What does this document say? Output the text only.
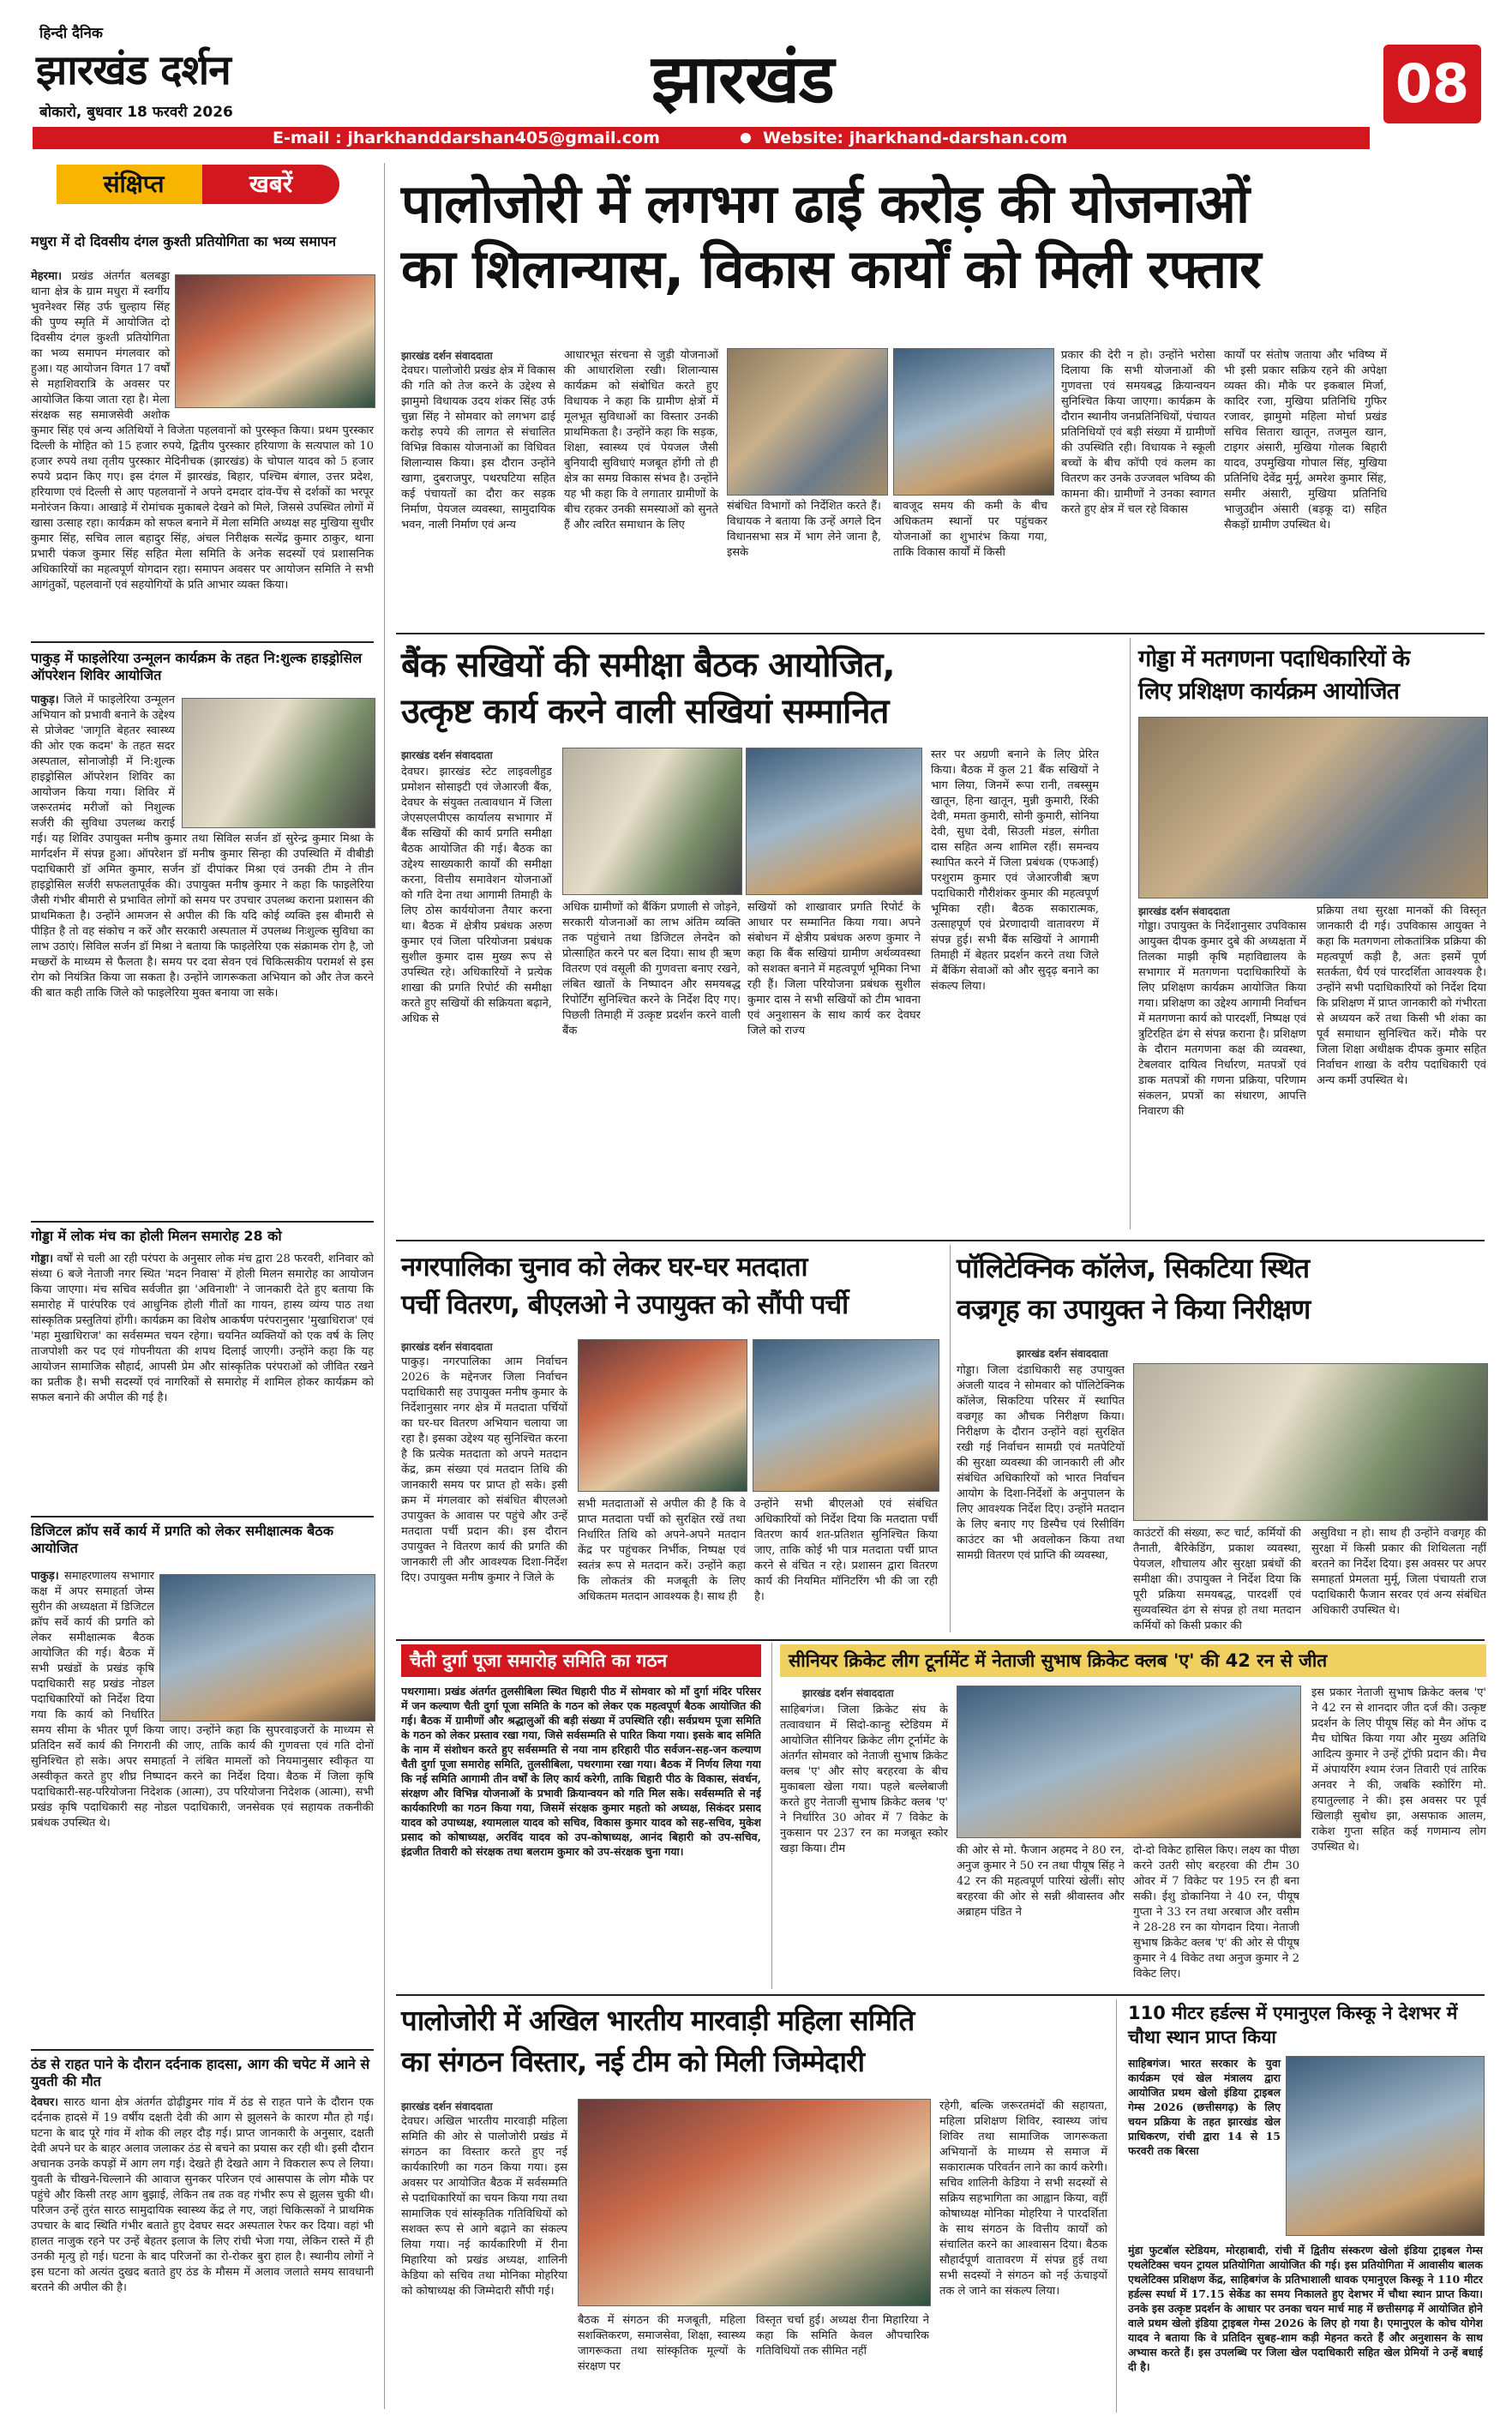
हिन्दी दैनिक
झारखंड दर्शन
बोकारो, बुधवार 18 फरवरी 2026	झारखंड	08
E-mail : jharkhanddarshan405@gmail.com	Website: jharkhand-darshan.com
संक्षिप्त	खबरें
मधुरा में दो दिवसीय दंगल कुश्ती प्रतियोगिता का भव्य समापन
मेहरमा। प्रखंड अंतर्गत बलबड्डा थाना क्षेत्र के ग्राम मधुरा में स्वर्गीय भुवनेश्वर सिंह उर्फ चुल्हाय सिंह की पुण्य स्मृति में आयोजित दो दिवसीय दंगल कुश्ती प्रतियोगिता का भव्य समापन मंगलवार को हुआ। यह आयोजन विगत 17 वर्षों से महाशिवरात्रि के अवसर पर आयोजित किया जाता रहा है। मेला संरक्षक सह समाजसेवी अशोक कुमार सिंह एवं अन्य अतिथियों ने विजेता पहलवानों को पुरस्कृत किया। प्रथम पुरस्कार दिल्ली के मोहित को 15 हजार रुपये, द्वितीय पुरस्कार हरियाणा के सत्यपाल को 10 हजार रुपये तथा तृतीय पुरस्कार मेदिनीचक (झारखंड) के चोपाल यादव को 5 हजार रुपये प्रदान किए गए। इस दंगल में झारखंड, बिहार, पश्चिम बंगाल, उत्तर प्रदेश, हरियाणा एवं दिल्ली से आए पहलवानों ने अपने दमदार दांव-पेंच से दर्शकों का भरपूर मनोरंजन किया। आखाड़े में रोमांचक मुकाबले देखने को मिले, जिससे उपस्थित लोगों में खासा उत्साह रहा। कार्यक्रम को सफल बनाने में मेला समिति अध्यक्ष सह मुखिया सुधीर कुमार सिंह, सचिव लाल बहादुर सिंह, अंचल निरीक्षक सत्येंद्र कुमार ठाकुर, थाना प्रभारी पंकज कुमार सिंह सहित मेला समिति के अनेक सदस्यों एवं प्रशासनिक अधिकारियों का महत्वपूर्ण योगदान रहा। समापन अवसर पर आयोजन समिति ने सभी आगंतुकों, पहलवानों एवं सहयोगियों के प्रति आभार व्यक्त किया।
पाकुड़ में फाइलेरिया उन्मूलन कार्यक्रम के तहत नि:शुल्क हाइड्रोसिल ऑपरेशन शिविर आयोजित
पाकुड़। जिले में फाइलेरिया उन्मूलन अभियान को प्रभावी बनाने के उद्देश्य से प्रोजेक्ट 'जागृति बेहतर स्वास्थ्य की ओर एक कदम' के तहत सदर अस्पताल, सोनाजोड़ी में नि:शुल्क हाइड्रोसिल ऑपरेशन शिविर का आयोजन किया गया। शिविर में जरूरतमंद मरीजों को निशुल्क सर्जरी की सुविधा उपलब्ध कराई गई। यह शिविर उपायुक्त मनीष कुमार तथा सिविल सर्जन डॉ सुरेन्द्र कुमार मिश्रा के मार्गदर्शन में संपन्न हुआ। ऑपरेशन डॉ मनीष कुमार सिन्हा की उपस्थिति में वीबीडी पदाधिकारी डॉ अमित कुमार, सर्जन डॉ दीपांकर मिश्रा एवं उनकी टीम ने तीन हाइड्रोसिल सर्जरी सफलतापूर्वक की। उपायुक्त मनीष कुमार ने कहा कि फाइलेरिया जैसी गंभीर बीमारी से प्रभावित लोगों को समय पर उपचार उपलब्ध कराना प्रशासन की प्राथमिकता है। उन्होंने आमजन से अपील की कि यदि कोई व्यक्ति इस बीमारी से पीड़ित है तो वह संकोच न करें और सरकारी अस्पताल में उपलब्ध निःशुल्क सुविधा का लाभ उठाएं। सिविल सर्जन डॉ मिश्रा ने बताया कि फाइलेरिया एक संक्रामक रोग है, जो मच्छरों के माध्यम से फैलता है। समय पर दवा सेवन एवं चिकित्सकीय परामर्श से इस रोग को नियंत्रित किया जा सकता है। उन्होंने जागरूकता अभियान को और तेज करने की बात कही ताकि जिले को फाइलेरिया मुक्त बनाया जा सके।
गोड्डा में लोक मंच का होली मिलन समारोह 28 को
गोड्डा। वर्षों से चली आ रही परंपरा के अनुसार लोक मंच द्वारा 28 फरवरी, शनिवार को संध्या 6 बजे नेताजी नगर स्थित 'मदन निवास' में होली मिलन समारोह का आयोजन किया जाएगा। मंच सचिव सर्वजीत झा 'अविनाशी' ने जानकारी देते हुए बताया कि समारोह में पारंपरिक एवं आधुनिक होली गीतों का गायन, हास्य व्यंग्य पाठ तथा सांस्कृतिक प्रस्तुतियां होंगी। कार्यक्रम का विशेष आकर्षण परंपरानुसार 'मुखाधिराज' एवं 'महा मुखाधिराज' का सर्वसम्मत चयन रहेगा। चयनित व्यक्तियों को एक वर्ष के लिए ताजपोशी कर पद एवं गोपनीयता की शपथ दिलाई जाएगी। उन्होंने कहा कि यह आयोजन सामाजिक सौहार्द, आपसी प्रेम और सांस्कृतिक परंपराओं को जीवित रखने का प्रतीक है। सभी सदस्यों एवं नागरिकों से समारोह में शामिल होकर कार्यक्रम को सफल बनाने की अपील की गई है।
डिजिटल क्रॉप सर्वे कार्य में प्रगति को लेकर समीक्षात्मक बैठक आयोजित
पाकुड़। समाहरणालय सभागार कक्ष में अपर समाहर्ता जेम्स सुरीन की अध्यक्षता में डिजिटल क्रॉप सर्वे कार्य की प्रगति को लेकर समीक्षात्मक बैठक आयोजित की गई। बैठक में सभी प्रखंडों के प्रखंड कृषि पदाधिकारी सह प्रखंड नोडल पदाधिकारियों को निर्देश दिया गया कि कार्य को निर्धारित समय सीमा के भीतर पूर्ण किया जाए। उन्होंने कहा कि सुपरवाइजरों के माध्यम से प्रतिदिन सर्वे कार्य की निगरानी की जाए, ताकि कार्य की गुणवत्ता एवं गति दोनों सुनिश्चित हो सके। अपर समाहर्ता ने लंबित मामलों को नियमानुसार स्वीकृत या अस्वीकृत करते हुए शीघ्र निष्पादन करने का निर्देश दिया। बैठक में जिला कृषि पदाधिकारी-सह-परियोजना निदेशक (आत्मा), उप परियोजना निदेशक (आत्मा), सभी प्रखंड कृषि पदाधिकारी सह नोडल पदाधिकारी, जनसेवक एवं सहायक तकनीकी प्रबंधक उपस्थित थे।
ठंड से राहत पाने के दौरान दर्दनाक हादसा, आग की चपेट में आने से युवती की मौत
देवघर। सारठ थाना क्षेत्र अंतर्गत ढोढ़ीडुमर गांव में ठंड से राहत पाने के दौरान एक दर्दनाक हादसे में 19 वर्षीय दक्षती देवी की आग से झुलसने के कारण मौत हो गई। घटना के बाद पूरे गांव में शोक की लहर दौड़ गई। प्राप्त जानकारी के अनुसार, दक्षती देवी अपने घर के बाहर अलाव जलाकर ठंड से बचने का प्रयास कर रही थी। इसी दौरान अचानक उनके कपड़ों में आग लग गई। देखते ही देखते आग ने विकराल रूप ले लिया। युवती के चीखने-चिल्लाने की आवाज सुनकर परिजन एवं आसपास के लोग मौके पर पहुंचे और किसी तरह आग बुझाई, लेकिन तब तक वह गंभीर रूप से झुलस चुकी थी। परिजन उन्हें तुरंत सारठ सामुदायिक स्वास्थ्य केंद्र ले गए, जहां चिकित्सकों ने प्राथमिक उपचार के बाद स्थिति गंभीर बताते हुए देवघर सदर अस्पताल रेफर कर दिया। वहां भी हालत नाजुक रहने पर उन्हें बेहतर इलाज के लिए रांची भेजा गया, लेकिन रास्ते में ही उनकी मृत्यु हो गई। घटना के बाद परिजनों का रो-रोकर बुरा हाल है। स्थानीय लोगों ने इस घटना को अत्यंत दुखद बताते हुए ठंड के मौसम में अलाव जलाते समय सावधानी बरतने की अपील की है।
पालोजोरी में लगभग ढाई करोड़ की योजनाओं
का शिलान्यास, विकास कार्यों को मिली रफ्तार
झारखंड दर्शन संवाददाता
देवघर। पालोजोरी प्रखंड क्षेत्र में विकास की गति को तेज करने के उद्देश्य से झामुमो विधायक उदय शंकर सिंह उर्फ चुन्ना सिंह ने सोमवार को लगभग ढाई करोड़ रुपये की लागत से संचालित विभिन्न विकास योजनाओं का विधिवत शिलान्यास किया। इस दौरान उन्होंने खागा, दुबराजपुर, पथरघटिया सहित कई पंचायतों का दौरा कर सड़क निर्माण, पेयजल व्यवस्था, सामुदायिक भवन, नाली निर्माण एवं अन्य
आधारभूत संरचना से जुड़ी योजनाओं की आधारशिला रखी। शिलान्यास कार्यक्रम को संबोधित करते हुए विधायक ने कहा कि ग्रामीण क्षेत्रों में मूलभूत सुविधाओं का विस्तार उनकी प्राथमिकता है। उन्होंने कहा कि सड़क, शिक्षा, स्वास्थ्य एवं पेयजल जैसी बुनियादी सुविधाएं मजबूत होंगी तो ही क्षेत्र का समग्र विकास संभव है। उन्होंने यह भी कहा कि वे लगातार ग्रामीणों के बीच रहकर उनकी समस्याओं को सुनते हैं और त्वरित समाधान के लिए
संबंधित विभागों को निर्देशित करते हैं। विधायक ने बताया कि उन्हें अगले दिन विधानसभा सत्र में भाग लेने जाना है, इसके
बावजूद समय की कमी के बीच अधिकतम स्थानों पर पहुंचकर योजनाओं का शुभारंभ किया गया, ताकि विकास कार्यों में किसी
प्रकार की देरी न हो। उन्होंने भरोसा दिलाया कि सभी योजनाओं की गुणवत्ता एवं समयबद्ध क्रियान्वयन सुनिश्चित किया जाएगा। कार्यक्रम के दौरान स्थानीय जनप्रतिनिधियों, पंचायत प्रतिनिधियों एवं बड़ी संख्या में ग्रामीणों की उपस्थिति रही। विधायक ने स्कूली बच्चों के बीच कॉपी एवं कलम का वितरण कर उनके उज्जवल भविष्य की कामना की। ग्रामीणों ने उनका स्वागत करते हुए क्षेत्र में चल रहे विकास
कार्यों पर संतोष जताया और भविष्य में भी इसी प्रकार सक्रिय रहने की अपेक्षा व्यक्त की। मौके पर इकबाल मिर्जा, कादिर रजा, मुखिया प्रतिनिधि गुफिर रजावर, झामुमो महिला मोर्चा प्रखंड सचिव सितारा खातून, तजमुल खान, टाइगर अंसारी, मुखिया गोलक बिहारी यादव, उपमुखिया गोपाल सिंह, मुखिया प्रतिनिधि देवेंद्र मुर्मू, अमरेश कुमार सिंह, समीर अंसारी, मुखिया प्रतिनिधि भाजुउद्दीन अंसारी (बड़कू दा) सहित सैकड़ों ग्रामीण उपस्थित थे।
बैंक सखियों की समीक्षा बैठक आयोजित,
उत्कृष्ट कार्य करने वाली सखियां सम्मानित
झारखंड दर्शन संवाददाता
देवघर। झारखंड स्टेट लाइवलीहुड प्रमोशन सोसाइटी एवं जेआरजी बैंक, देवघर के संयुक्त तत्वावधान में जिला जेएसएलपीएस कार्यालय सभागार में बैंक सखियों की कार्य प्रगति समीक्षा बैठक आयोजित की गई। बैठक का उद्देश्य साख्यकारी कार्यों की समीक्षा करना, वित्तीय समावेशन योजनाओं को गति देना तथा आगामी तिमाही के लिए ठोस कार्ययोजना तैयार करना था। बैठक में क्षेत्रीय प्रबंधक अरुण कुमार एवं जिला परियोजना प्रबंधक सुशील कुमार दास मुख्य रूप से उपस्थित रहे। अधिकारियों ने प्रत्येक शाखा की प्रगति रिपोर्ट की समीक्षा करते हुए सखियों की सक्रियता बढ़ाने, अधिक से
अधिक ग्रामीणों को बैंकिंग प्रणाली से जोड़ने, सरकारी योजनाओं का लाभ अंतिम व्यक्ति तक पहुंचाने तथा डिजिटल लेनदेन को प्रोत्साहित करने पर बल दिया। साथ ही ऋण वितरण एवं वसूली की गुणवत्ता बनाए रखने, लंबित खातों के निष्पादन और समयबद्ध रिपोर्टिंग सुनिश्चित करने के निर्देश दिए गए। पिछली तिमाही में उत्कृष्ट प्रदर्शन करने वाली बैंक
सखियों को शाखावार प्रगति रिपोर्ट के आधार पर सम्मानित किया गया। अपने संबोधन में क्षेत्रीय प्रबंधक अरुण कुमार ने कहा कि बैंक सखियां ग्रामीण अर्थव्यवस्था को सशक्त बनाने में महत्वपूर्ण भूमिका निभा रही हैं। जिला परियोजना प्रबंधक सुशील कुमार दास ने सभी सखियों को टीम भावना एवं अनुशासन के साथ कार्य कर देवघर जिले को राज्य
स्तर पर अग्रणी बनाने के लिए प्रेरित किया। बैठक में कुल 21 बैंक सखियों ने भाग लिया, जिनमें रूपा रानी, तबस्सुम खातून, हिना खातून, मुन्नी कुमारी, रिंकी देवी, ममता कुमारी, सोनी कुमारी, सोनिया देवी, सुधा देवी, सिउली मंडल, संगीता दास सहित अन्य शामिल रहीं। समन्वय स्थापित करने में जिला प्रबंधक (एफआई) परशुराम कुमार एवं जेआरजीबी ऋण पदाधिकारी गौरीशंकर कुमार की महत्वपूर्ण भूमिका रही। बैठक सकारात्मक, उत्साहपूर्ण एवं प्रेरणादायी वातावरण में संपन्न हुई। सभी बैंक सखियों ने आगामी तिमाही में बेहतर प्रदर्शन करने तथा जिले में बैंकिंग सेवाओं को और सुदृढ़ बनाने का संकल्प लिया।
गोड्डा में मतगणना पदाधिकारियों के
लिए प्रशिक्षण कार्यक्रम आयोजित
झारखंड दर्शन संवाददाता
गोड्डा। उपायुक्त के निर्देशानुसार उपविकास आयुक्त दीपक कुमार दुबे की अध्यक्षता में तिलका माझी कृषि महाविद्यालय के सभागार में मतगणना पदाधिकारियों के लिए प्रशिक्षण कार्यक्रम आयोजित किया गया। प्रशिक्षण का उद्देश्य आगामी निर्वाचन में मतगणना कार्य को पारदर्शी, निष्पक्ष एवं त्रुटिरहित ढंग से संपन्न कराना है। प्रशिक्षण के दौरान मतगणना कक्ष की व्यवस्था, टेबलवार दायित्व निर्धारण, मतपत्रों एवं डाक मतपत्रों की गणना प्रक्रिया, परिणाम संकलन, प्रपत्रों का संधारण, आपत्ति निवारण की
प्रक्रिया तथा सुरक्षा मानकों की विस्तृत जानकारी दी गई। उपविकास आयुक्त ने कहा कि मतगणना लोकतांत्रिक प्रक्रिया की महत्वपूर्ण कड़ी है, अतः इसमें पूर्ण सतर्कता, धैर्य एवं पारदर्शिता आवश्यक है। उन्होंने सभी पदाधिकारियों को निर्देश दिया कि प्रशिक्षण में प्राप्त जानकारी को गंभीरता से अध्ययन करें तथा किसी भी शंका का पूर्व समाधान सुनिश्चित करें। मौके पर जिला शिक्षा अधीक्षक दीपक कुमार सहित निर्वाचन शाखा के वरीय पदाधिकारी एवं अन्य कर्मी उपस्थित थे।
नगरपालिका चुनाव को लेकर घर-घर मतदाता
पर्ची वितरण, बीएलओ ने उपायुक्त को सौंपी पर्ची
झारखंड दर्शन संवाददाता
पाकुड़। नगरपालिका आम निर्वाचन 2026 के मद्देनजर जिला निर्वाचन पदाधिकारी सह उपायुक्त मनीष कुमार के निर्देशानुसार नगर क्षेत्र में मतदाता पर्चियों का घर-घर वितरण अभियान चलाया जा रहा है। इसका उद्देश्य यह सुनिश्चित करना है कि प्रत्येक मतदाता को अपने मतदान केंद्र, क्रम संख्या एवं मतदान तिथि की जानकारी समय पर प्राप्त हो सके। इसी क्रम में मंगलवार को संबंधित बीएलओ उपायुक्त के आवास पर पहुंचे और उन्हें मतदाता पर्ची प्रदान की। इस दौरान उपायुक्त ने वितरण कार्य की प्रगति की जानकारी ली और आवश्यक दिशा-निर्देश दिए। उपायुक्त मनीष कुमार ने जिले के
सभी मतदाताओं से अपील की है कि वे प्राप्त मतदाता पर्ची को सुरक्षित रखें तथा निर्धारित तिथि को अपने-अपने मतदान केंद्र पर पहुंचकर निर्भीक, निष्पक्ष एवं स्वतंत्र रूप से मतदान करें। उन्होंने कहा कि लोकतंत्र की मजबूती के लिए अधिकतम मतदान आवश्यक है। साथ ही
उन्होंने सभी बीएलओ एवं संबंधित अधिकारियों को निर्देश दिया कि मतदाता पर्ची वितरण कार्य शत-प्रतिशत सुनिश्चित किया जाए, ताकि कोई भी पात्र मतदाता पर्ची प्राप्त करने से वंचित न रहे। प्रशासन द्वारा वितरण कार्य की नियमित मॉनिटरिंग भी की जा रही है।
पॉलिटेक्निक कॉलेज, सिकटिया स्थित
वज्रगृह का उपायुक्त ने किया निरीक्षण
झारखंड दर्शन संवाददाता
गोड्डा। जिला दंडाधिकारी सह उपायुक्त अंजली यादव ने सोमवार को पॉलिटेक्निक कॉलेज, सिकटिया परिसर में स्थापित वज्रगृह का औचक निरीक्षण किया। निरीक्षण के दौरान उन्होंने वहां सुरक्षित रखी गई निर्वाचन सामग्री एवं मतपेटियों की सुरक्षा व्यवस्था की जानकारी ली और संबंधित अधिकारियों को भारत निर्वाचन आयोग के दिशा-निर्देशों के अनुपालन के लिए आवश्यक निर्देश दिए। उन्होंने मतदान के लिए बनाए गए डिस्पैच एवं रिसीविंग काउंटर का भी अवलोकन किया तथा सामग्री वितरण एवं प्राप्ति की व्यवस्था,
काउंटरों की संख्या, रूट चार्ट, कर्मियों की तैनाती, बैरिकेडिंग, प्रकाश व्यवस्था, पेयजल, शौचालय और सुरक्षा प्रबंधों की समीक्षा की। उपायुक्त ने निर्देश दिया कि पूरी प्रक्रिया समयबद्ध, पारदर्शी एवं सुव्यवस्थित ढंग से संपन्न हो तथा मतदान कर्मियों को किसी प्रकार की
असुविधा न हो। साथ ही उन्होंने वज्रगृह की सुरक्षा में किसी प्रकार की शिथिलता नहीं बरतने का निर्देश दिया। इस अवसर पर अपर समाहर्ता प्रेमलता मुर्मू, जिला पंचायती राज पदाधिकारी फैजान सरवर एवं अन्य संबंधित अधिकारी उपस्थित थे।
चैती दुर्गा पूजा समारोह समिति का गठन
पथरगामा। प्रखंड अंतर्गत तुलसीबिला स्थित धिहारी पीठ में सोमवार को माँ दुर्गा मंदिर परिसर में जन कल्याण चैती दुर्गा पूजा समिति के गठन को लेकर एक महत्वपूर्ण बैठक आयोजित की गई। बैठक में ग्रामीणों और श्रद्धालुओं की बड़ी संख्या में उपस्थिति रही। सर्वप्रथम पूजा समिति के गठन को लेकर प्रस्ताव रखा गया, जिसे सर्वसम्मति से पारित किया गया। इसके बाद समिति के नाम में संशोधन करते हुए सर्वसम्मति से नया नाम हरिहारी पीठ सर्वजन-सह-जन कल्याण चैती दुर्गा पूजा समारोह समिति, तुलसीबिला, पथरगामा रखा गया। बैठक में निर्णय लिया गया कि नई समिति आगामी तीन वर्षों के लिए कार्य करेगी, ताकि धिहारी पीठ के विकास, संवर्धन, संरक्षण और विभिन्न योजनाओं के प्रभावी क्रियान्वयन को गति मिल सके। सर्वसम्मति से नई कार्यकारिणी का गठन किया गया, जिसमें संरक्षक कुमार महतो को अध्यक्ष, सिकंदर प्रसाद यादव को उपाध्यक्ष, श्यामलाल यादव को सचिव, विकास कुमार यादव को सह-सचिव, मुकेश प्रसाद को कोषाध्यक्ष, अरविंद यादव को उप-कोषाध्यक्ष, आनंद बिहारी को उप-सचिव, इंद्रजीत तिवारी को संरक्षक तथा बलराम कुमार को उप-संरक्षक चुना गया।
सीनियर क्रिकेट लीग टूर्नामेंट में नेताजी सुभाष क्रिकेट क्लब 'ए' की 42 रन से जीत
झारखंड दर्शन संवाददाता
साहिबगंज। जिला क्रिकेट संघ के तत्वावधान में सिदो-कान्हु स्टेडियम में आयोजित सीनियर क्रिकेट लीग टूर्नामेंट के अंतर्गत सोमवार को नेताजी सुभाष क्रिकेट क्लब 'ए' और सोए बरहरवा के बीच मुकाबला खेला गया। पहले बल्लेबाजी करते हुए नेताजी सुभाष क्रिकेट क्लब 'ए' ने निर्धारित 30 ओवर में 7 विकेट के नुकसान पर 237 रन का मजबूत स्कोर खड़ा किया। टीम	की ओर से मो. फैजान अहमद ने 80 रन, अनुज कुमार ने 50 रन तथा पीयूष सिंह ने 42 रन की महत्वपूर्ण पारियां खेलीं। सोए बरहरवा की ओर से सन्नी श्रीवास्तव और अब्राहम पंडित ने
दो-दो विकेट हासिल किए। लक्ष्य का पीछा करने उतरी सोए बरहरवा की टीम 30 ओवर में 7 विकेट पर 195 रन ही बना सकी। ईशु डोकानिया ने 40 रन, पीयूष गुप्ता ने 33 रन तथा अरबाज और वसीम ने 28-28 रन का योगदान दिया। नेताजी सुभाष क्रिकेट क्लब 'ए' की ओर से पीयूष कुमार ने 4 विकेट तथा अनुज कुमार ने 2 विकेट लिए।
इस प्रकार नेताजी सुभाष क्रिकेट क्लब 'ए' ने 42 रन से शानदार जीत दर्ज की। उत्कृष्ट प्रदर्शन के लिए पीयूष सिंह को मैन ऑफ द मैच घोषित किया गया और मुख्य अतिथि आदित्य कुमार ने उन्हें ट्रॉफी प्रदान की। मैच में अंपायरिंग श्याम रंजन तिवारी एवं तारिक अनवर ने की, जबकि स्कोरिंग मो. हयातुल्लाह ने की। इस अवसर पर पूर्व खिलाड़ी सुबोध झा, असफाक आलम, राकेश गुप्ता सहित कई गणमान्य लोग उपस्थित थे।
पालोजोरी में अखिल भारतीय मारवाड़ी महिला समिति
का संगठन विस्तार, नई टीम को मिली जिम्मेदारी
झारखंड दर्शन संवाददाता
देवघर। अखिल भारतीय मारवाड़ी महिला समिति की ओर से पालोजोरी प्रखंड में संगठन का विस्तार करते हुए नई कार्यकारिणी का गठन किया गया। इस अवसर पर आयोजित बैठक में सर्वसम्मति से पदाधिकारियों का चयन किया गया तथा सामाजिक एवं सांस्कृतिक गतिविधियों को सशक्त रूप से आगे बढ़ाने का संकल्प लिया गया। नई कार्यकारिणी में रीना मिहारिया को प्रखंड अध्यक्ष, शालिनी केडिया को सचिव तथा मोनिका मोहरिया को कोषाध्यक्ष की जिम्मेदारी सौंपी गई।
बैठक में संगठन की मजबूती, महिला सशक्तिकरण, समाजसेवा, शिक्षा, स्वास्थ्य जागरूकता तथा सांस्कृतिक मूल्यों के संरक्षण पर
विस्तृत चर्चा हुई। अध्यक्ष रीना मिहारिया ने कहा कि समिति केवल औपचारिक गतिविधियों तक सीमित नहीं
रहेगी, बल्कि जरूरतमंदों की सहायता, महिला प्रशिक्षण शिविर, स्वास्थ्य जांच शिविर तथा सामाजिक जागरूकता अभियानों के माध्यम से समाज में सकारात्मक परिवर्तन लाने का कार्य करेगी। सचिव शालिनी केडिया ने सभी सदस्यों से सक्रिय सहभागिता का आह्वान किया, वहीं कोषाध्यक्ष मोनिका मोहरिया ने पारदर्शिता के साथ संगठन के वित्तीय कार्यों को संचालित करने का आश्वासन दिया। बैठक सौहार्दपूर्ण वातावरण में संपन्न हुई तथा सभी सदस्यों ने संगठन को नई ऊंचाइयों तक ले जाने का संकल्प लिया।
110 मीटर हर्डल्स में एमानुएल किस्कू ने देशभर में चौथा स्थान प्राप्त किया
साहिबगंज। भारत सरकार के युवा कार्यक्रम एवं खेल मंत्रालय द्वारा आयोजित प्रथम खेलो इंडिया ट्राइबल गेम्स 2026 (छत्तीसगढ़) के लिए चयन प्रक्रिया के तहत झारखंड खेल प्राधिकरण, रांची द्वारा 14 से 15 फरवरी तक बिरसा
मुंडा फुटबॉल स्टेडियम, मोरहाबादी, रांची में द्वितीय संस्करण खेलो इंडिया ट्राइबल गेम्स एथलेटिक्स चयन ट्रायल प्रतियोगिता आयोजित की गई। इस प्रतियोगिता में आवासीय बालक एथलेटिक्स प्रशिक्षण केंद्र, साहिबगंज के प्रतिभाशाली धावक एमानुएल किस्कू ने 110 मीटर हर्डल्स स्पर्धा में 17.15 सेकेंड का समय निकालते हुए देशभर में चौथा स्थान प्राप्त किया। उनके इस उत्कृष्ट प्रदर्शन के आधार पर उनका चयन मार्च माह में छत्तीसगढ़ में आयोजित होने वाले प्रथम खेलो इंडिया ट्राइबल गेम्स 2026 के लिए हो गया है। एमानुएल के कोच योगेश यादव ने बताया कि वे प्रतिदिन सुबह-शाम कड़ी मेहनत करते हैं और अनुशासन के साथ अभ्यास करते हैं। इस उपलब्धि पर जिला खेल पदाधिकारी सहित खेल प्रेमियों ने उन्हें बधाई दी है।
